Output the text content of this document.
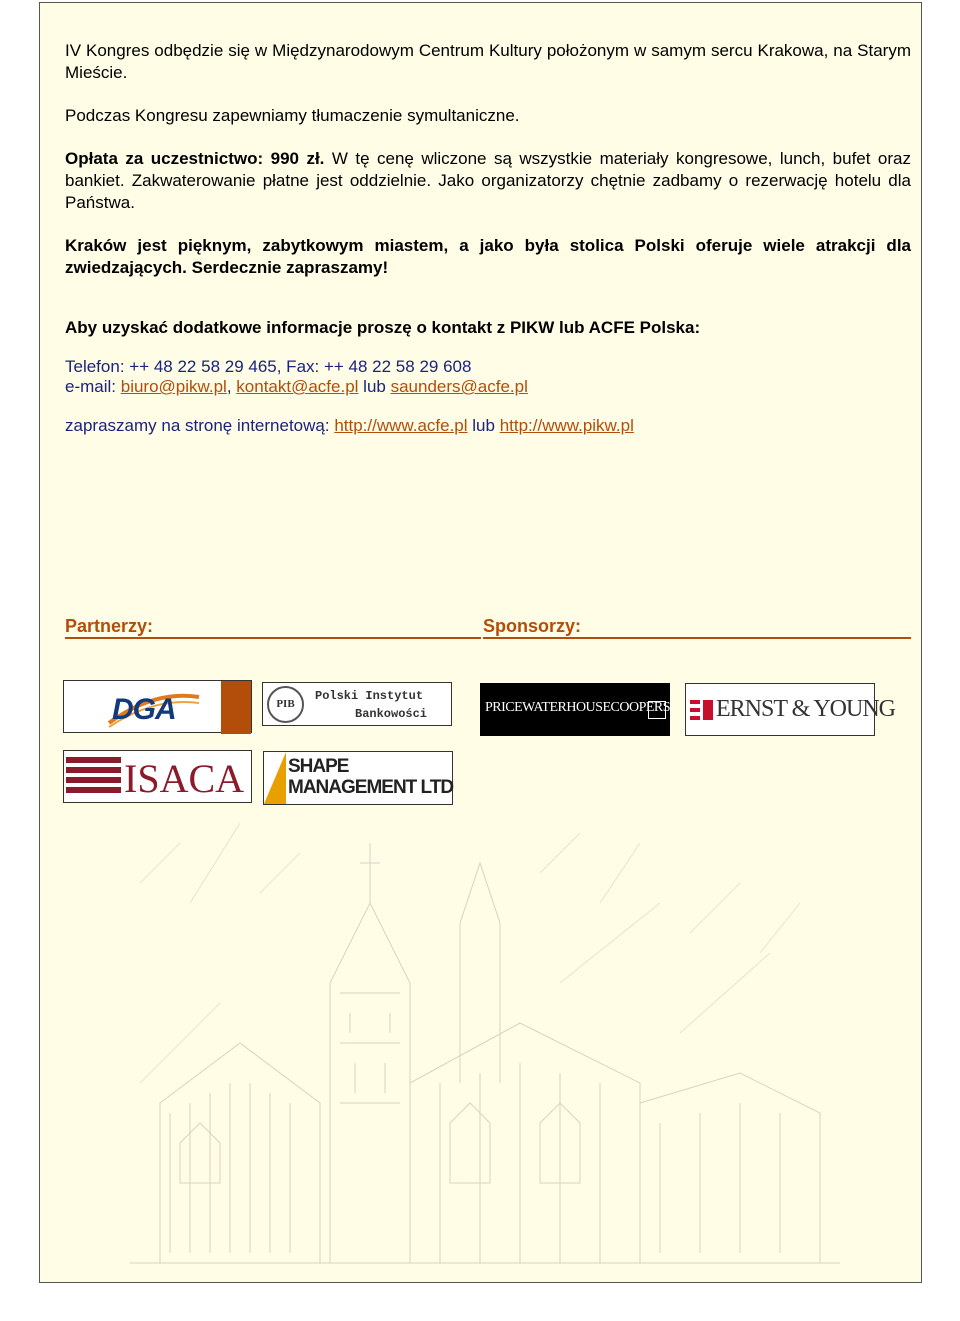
IV Kongres odbędzie się w Międzynarodowym Centrum Kultury położonym w samym sercu Krakowa, na Starym Mieście.

Podczas Kongresu zapewniamy tłumaczenie symultaniczne.

Opłata za uczestnictwo: 990 zł. W tę cenę wliczone są wszystkie materiały kongresowe, lunch, bufet oraz bankiet. Zakwaterowanie płatne jest oddzielnie. Jako organizatorzy chętnie zadbamy o rezerwację hotelu dla Państwa.

Kraków jest pięknym, zabytkowym miastem, a jako była stolica Polski oferuje wiele atrakcji dla zwiedzających. Serdecznie zapraszamy!

Aby uzyskać dodatkowe informacje proszę o kontakt z PIKW lub ACFE Polska:

Telefon: ++ 48 22 58 29 465, Fax: ++ 48 22 58 29 608

e-mail: biuro@pikw.pl, kontakt@acfe.pl lub saunders@acfe.pl

zapraszamy na stronę internetową: http://www.acfe.pl lub http://www.pikw.pl

Partnerzy:	Sponsorzy:
DGA	PIB
Polski Instytut
Bankowości	PRICEWATERHOUSECOOPERS ERNST & YOUNG
ISACA SHAPE
MANAGEMENT LTD
